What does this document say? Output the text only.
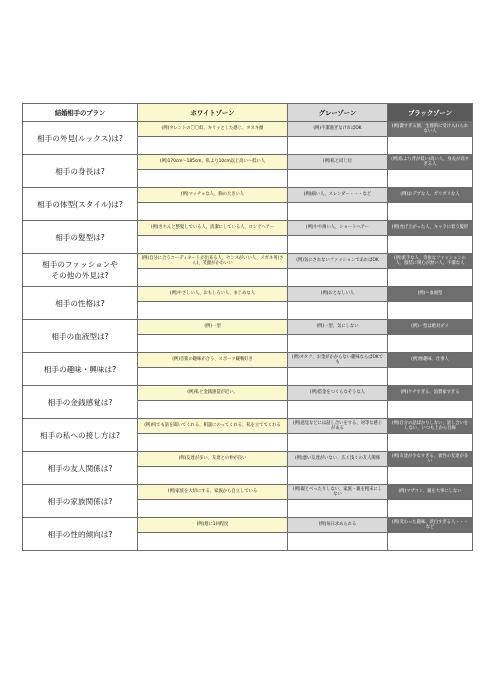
結婚相手のプラン	ホワイトゾーン	グレーゾーン	ブラックゾーン
相手の外見(ルックス)は?	(例)タレントの〇〇似、キリッとした感じ、タヌキ顔	(例)不潔過ぎなければOK	(例)濃すぎる顔、生理的に受け入れられない人

相手の身長は?	(例)170cm〜185cm、私より10cm以上高い〜低い人	(例)私と同じ位	(例)私より背が低い/高い人、身長が高すぎる人

相手の体型(スタイル)は?	(例)マッチョな人、胸の大きい人	(例)細い人、スレンダー・・・など	(例)おデブな人、ガリガリな人

相手の髪型は?	(例)きちんと整髪している人、清潔にしている人、ロングヘアー	(例)やや薄い人、ショートヘアー	(例)禿げ上がった人、キャラに着う髪形

相手のファッションや
その他の外見は?	(例)自分に合うコーディネートが出来る人、センスがいい人、メガネ男(さん)、笑顔がかわいい	(例)気にされないファッションであればOK	(例)派手な人、奇抜なファッションの人、服装に関心が無い人、不潔な人

相手の性格は?	(例)やさしい人、おもしろい人、まじめな人	(例)おとなしい人	(例)〜血液型

相手の血液型は?	(例)一型	(例)一型、気にしない	(例)一型は絶対ダメ

相手の趣味・興味は?	(例)音楽の趣味が合う、スポーツ観戦好き	(例)オタク、お金がかからない趣味ならばOKでも	(例)無趣味、仕事人

相手の金銭感覚は?	(例)私と金銭感覚が近い。	(例)借金をつくらなそうな人	(例)ケチすぎる、浪費家すぎる

相手の私への接し方は?	(例)何でも話を聞いてくれる、相談にのってくれる、私を立ててくれる	(例)意見などには話し合いをする、対等な感じがある	(例)自分の話ばかりしない、話し合いをしない、いつも上から目線

相手の友人関係は?	(例)友達が多い、友達との仲が良い	(例)悪い友達がいない、広く浅くの友人関係	(例)友達が少なすぎる、異性の友達が多い

相手の家族関係は?	(例)家族を大切にする、家族から自立している	(例)親とべったりしない、家族・親を粗末にしない	(例)マザコン、親を大事にしない

相手の性的傾向は?	(例)週に1回程度	(例)毎日求められる	(例)変わった趣味、淡白すぎる人・・・など
